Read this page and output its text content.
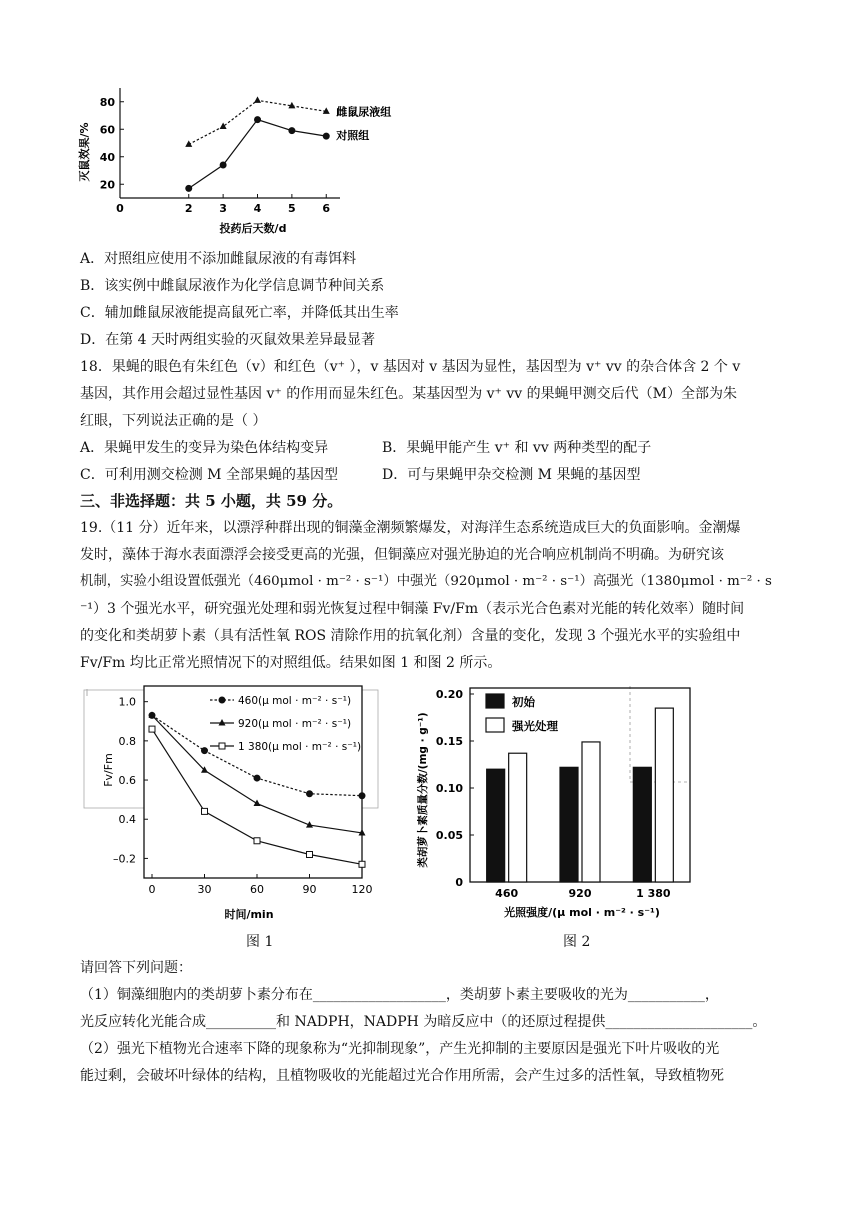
20
40
60
80
0	2 3 4 5 6
投药后天数/d
灭鼠效果/%
雌鼠尿液组
对照组
A．对照组应使用不添加雌鼠尿液的有毒饵料
B．该实例中雌鼠尿液作为化学信息调节种间关系
C．辅加雌鼠尿液能提高鼠死亡率，并降低其出生率
D．在第 4 天时两组实验的灭鼠效果差异最显著
18．果蝇的眼色有朱红色（v）和红色（v⁺ ），v 基因对 v 基因为显性，基因型为 v⁺ vv 的杂合体含 2 个 v
基因，其作用会超过显性基因 v⁺ 的作用而显朱红色。某基因型为 v⁺ vv 的果蝇甲测交后代（M）全部为朱
红眼，下列说法正确的是（ ）
A．果蝇甲发生的变异为染色体结构变异	B．果蝇甲能产生 v⁺ 和 vv 两种类型的配子
C．可利用测交检测 M 全部果蝇的基因型	D．可与果蝇甲杂交检测 M 果蝇的基因型
三、非选择题：共 5 小题，共 59 分。
19.（11 分）近年来，以漂浮种群出现的铜藻金潮频繁爆发，对海洋生态系统造成巨大的负面影响。金潮爆
发时，藻体于海水表面漂浮会接受更高的光强，但铜藻应对强光胁迫的光合响应机制尚不明确。为研究该
机制，实验小组设置低强光（460μmol · m⁻² · s⁻¹）中强光（920μmol · m⁻² · s⁻¹）高强光（1380μmol · m⁻² · s
⁻¹）3 个强光水平，研究强光处理和弱光恢复过程中铜藻 Fv/Fm（表示光合色素对光能的转化效率）随时间
的变化和类胡萝卜素（具有活性氧 ROS 清除作用的抗氧化剂）含量的变化，发现 3 个强光水平的实验组中
Fv/Fm 均比正常光照情况下的对照组低。结果如图 1 和图 2 所示。
–0.2
0.4
0.6
0.8
1.0
0	30	60	90	120
时间/min
Fv/Fm
460(μ mol · m⁻² · s⁻¹)
920(μ mol · m⁻² · s⁻¹)
1 380(μ mol · m⁻² · s⁻¹)
0
0.05
0.10
0.15
0.20
460	920	1 380
光照强度/(μ mol · m⁻² · s⁻¹)
类胡萝卜素质量分数/(mg · g⁻¹)
初始
强光处理
图 1	图 2
请回答下列问题：
（1）铜藻细胞内的类胡萝卜素分布在___________________，类胡萝卜素主要吸收的光为___________，
光反应转化光能合成__________和 NADPH，NADPH 为暗反应中（的还原过程提供_____________________。
（2）强光下植物光合速率下降的现象称为“光抑制现象”，产生光抑制的主要原因是强光下叶片吸收的光
能过剩，会破坏叶绿体的结构，且植物吸收的光能超过光合作用所需，会产生过多的活性氧，导致植物死
